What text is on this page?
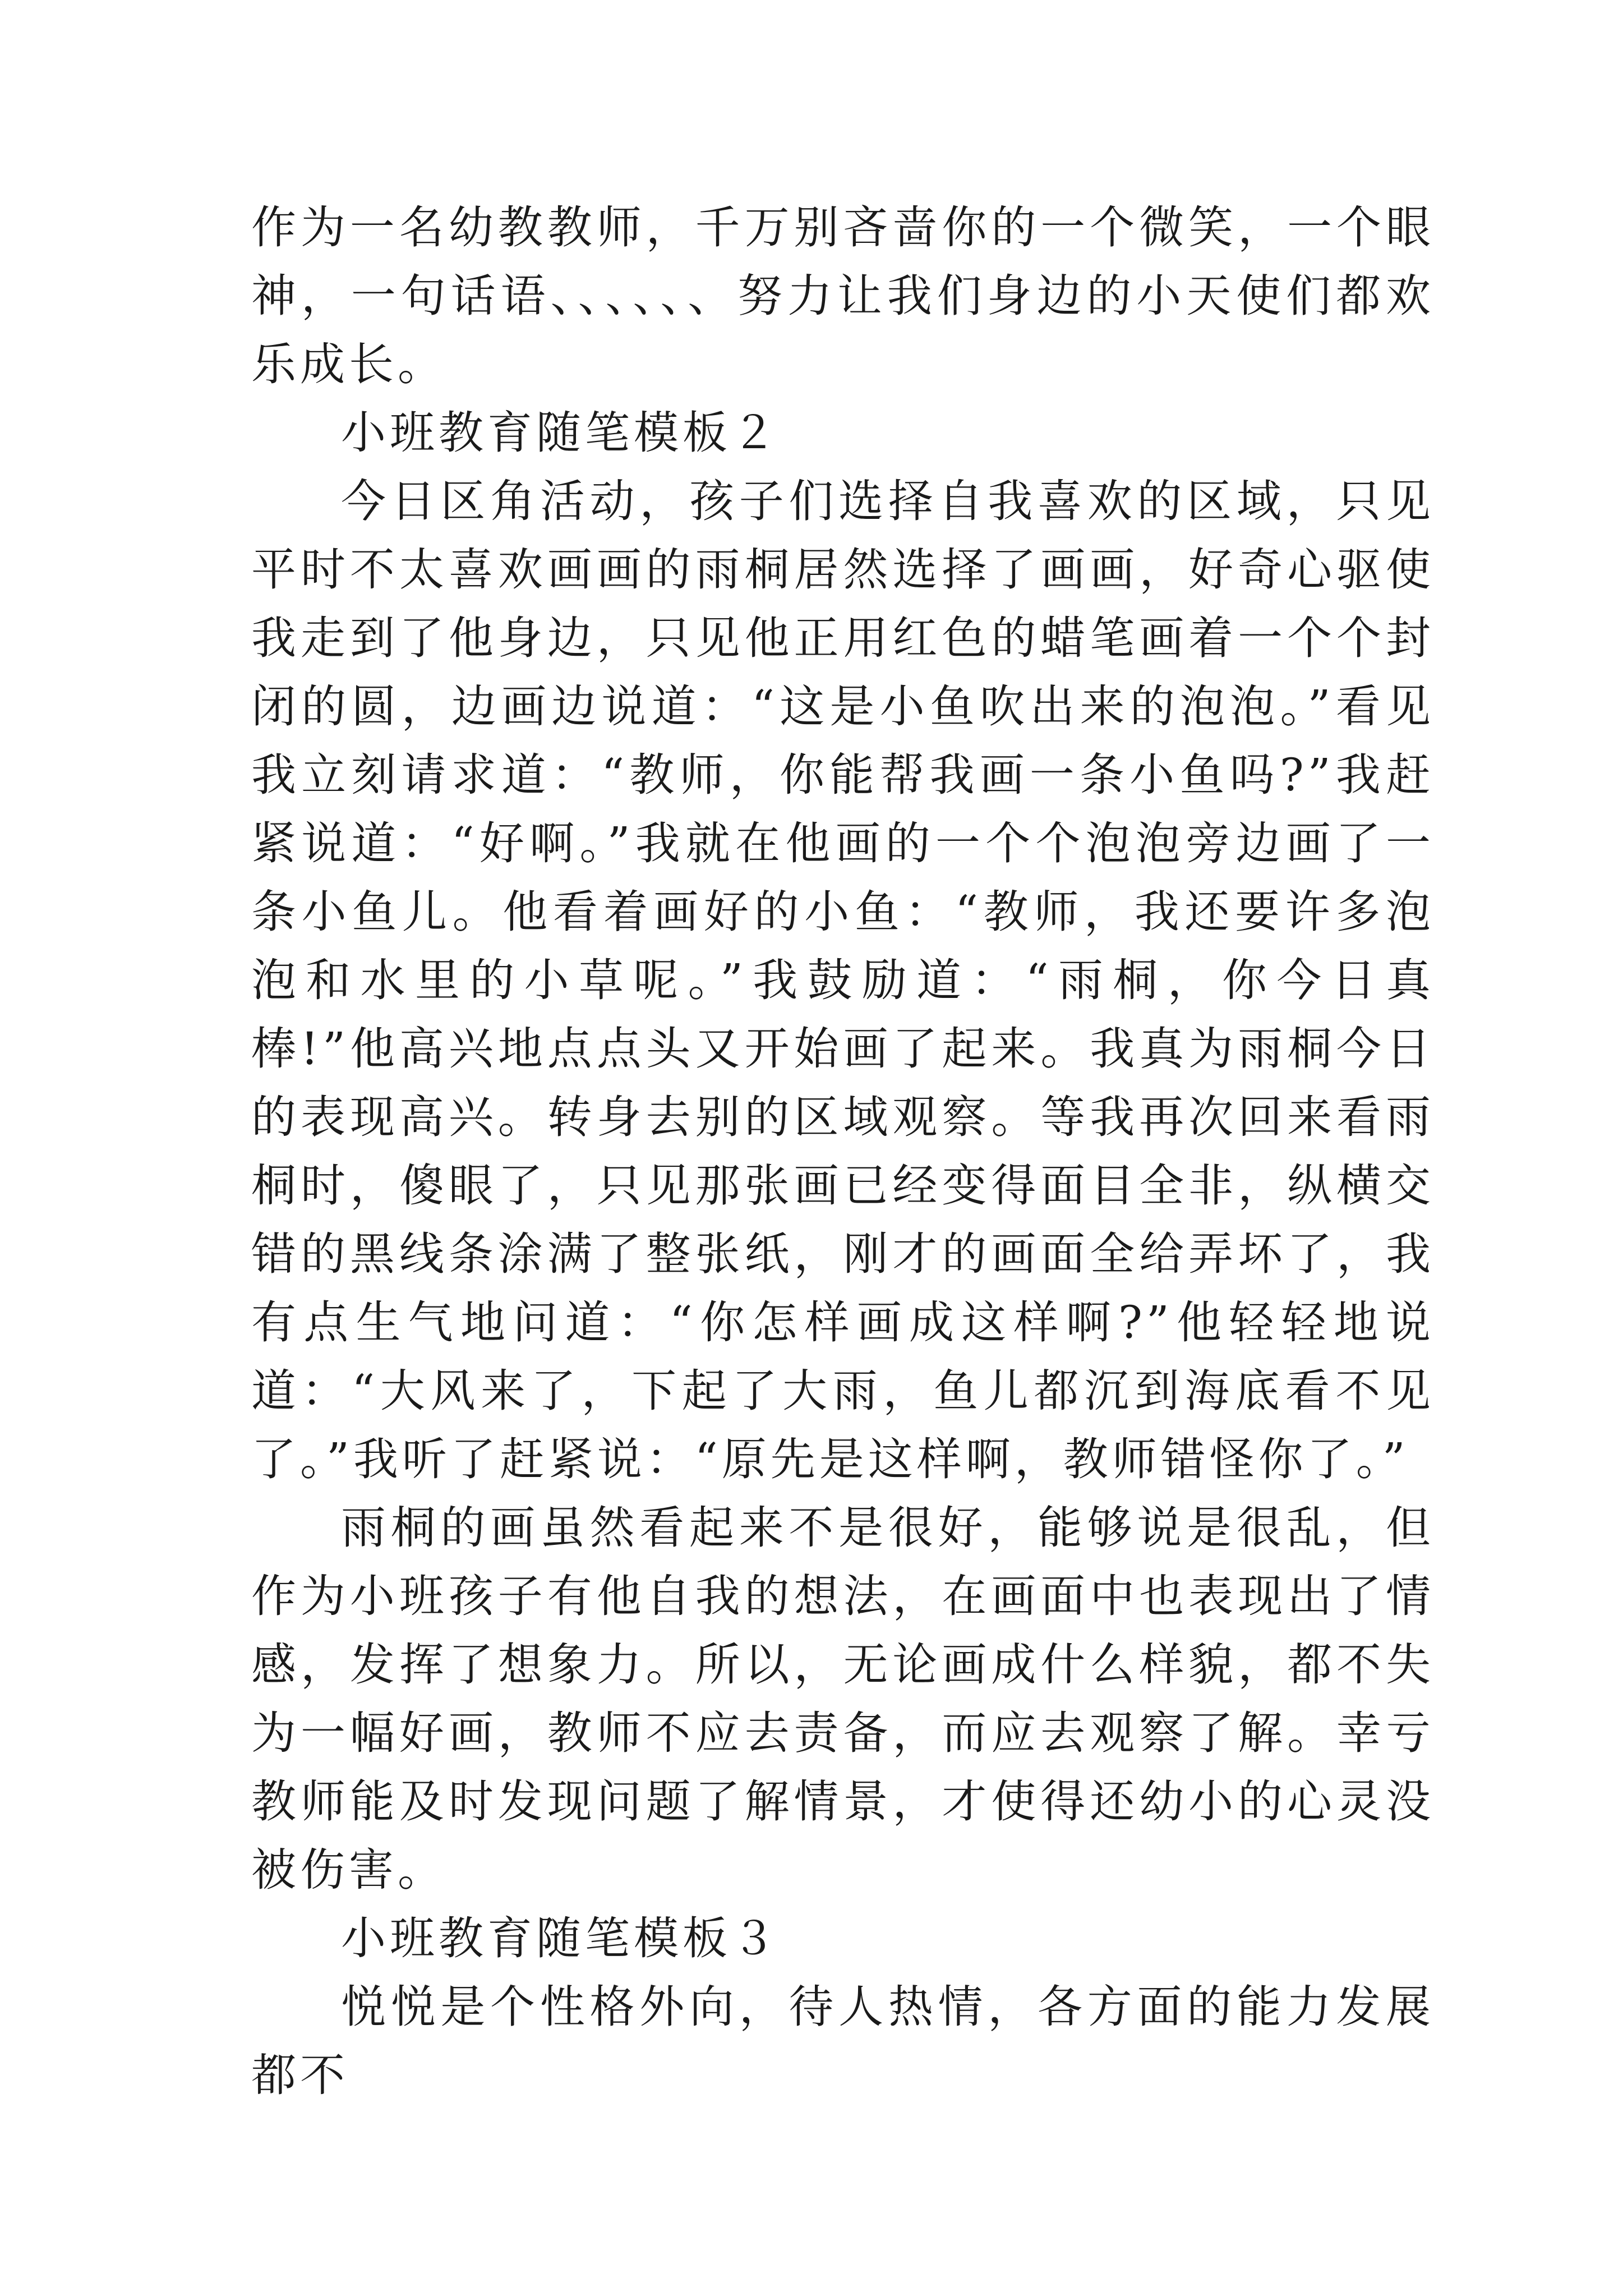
作为一名幼教教师，千万别吝啬你的一个微笑，一个眼神，一句话语、、、、、、努力让我们身边的小天使们都欢乐成长。

小班教育随笔模板２

今日区角活动，孩子们选择自我喜欢的区域，只见平时不太喜欢画画的雨桐居然选择了画画，好奇心驱使我走到了他身边，只见他正用红色的蜡笔画着一个个封闭的圆，边画边说道：“这是小鱼吹出来的泡泡。”看见我立刻请求道：“教师，你能帮我画一条小鱼吗?”我赶紧说道：“好啊。”我就在他画的一个个泡泡旁边画了一条小鱼儿。他看着画好的小鱼：“教师，我还要许多泡泡和水里的小草呢。”我鼓励道：“雨桐，你今日真棒!”他高兴地点点头又开始画了起来。我真为雨桐今日的表现高兴。转身去别的区域观察。等我再次回来看雨桐时，傻眼了，只见那张画已经变得面目全非，纵横交错的黑线条涂满了整张纸，刚才的画面全给弄坏了，我有点生气地问道：“你怎样画成这样啊?”他轻轻地说道：“大风来了，下起了大雨，鱼儿都沉到海底看不见了。”我听了赶紧说：“原先是这样啊，教师错怪你了。”

雨桐的画虽然看起来不是很好，能够说是很乱，但作为小班孩子有他自我的想法，在画面中也表现出了情感，发挥了想象力。所以，无论画成什么样貌，都不失为一幅好画，教师不应去责备，而应去观察了解。幸亏教师能及时发现问题了解情景，才使得还幼小的心灵没被伤害。

小班教育随笔模板３

悦悦是个性格外向，待人热情，各方面的能力发展都不
